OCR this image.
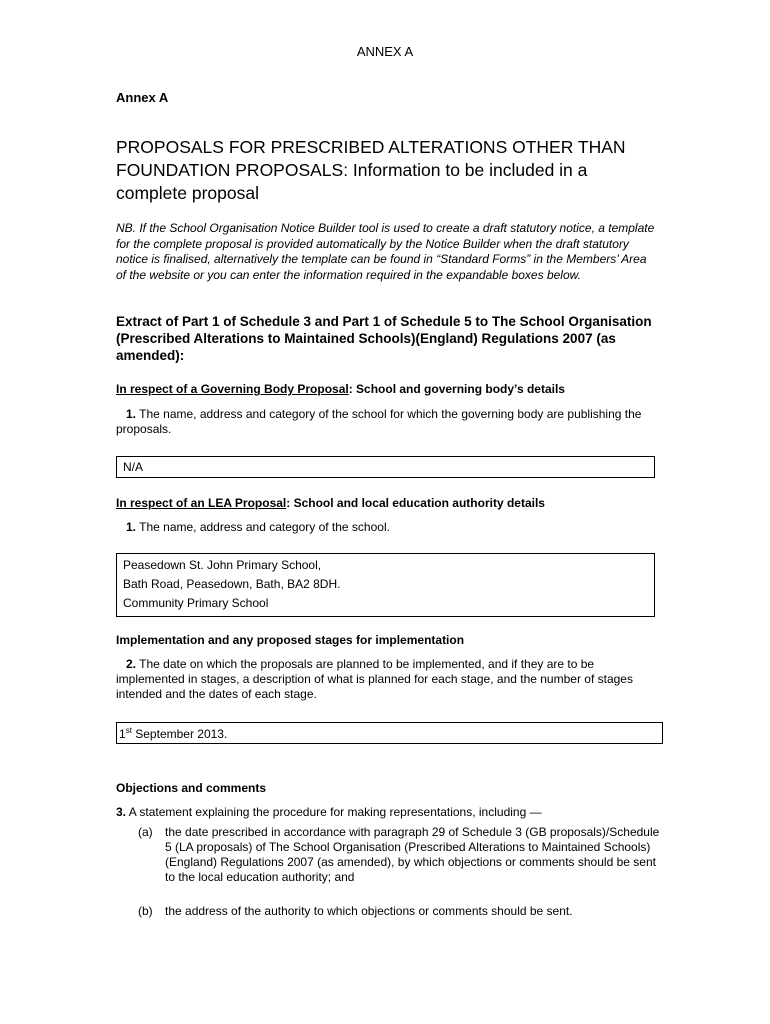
ANNEX A
Annex A
PROPOSALS FOR PRESCRIBED ALTERATIONS OTHER THAN FOUNDATION PROPOSALS: Information to be included in a complete proposal

NB. If the School Organisation Notice Builder tool is used to create a draft statutory notice, a template for the complete proposal is provided automatically by the Notice Builder when the draft statutory notice is finalised, alternatively the template can be found in “Standard Forms” in the Members’ Area of the website or you can enter the information required in the expandable boxes below.

Extract of Part 1 of Schedule 3 and Part 1 of Schedule 5 to The School Organisation (Prescribed Alterations to Maintained Schools)(England) Regulations 2007 (as amended):

In respect of a Governing Body Proposal: School and governing body’s details

1. The name, address and category of the school for which the governing body are publishing the proposals.

N/A

In respect of an LEA Proposal: School and local education authority details

1. The name, address and category of the school.

Peasedown St. John Primary School,
Bath Road, Peasedown, Bath, BA2 8DH.
Community Primary School

Implementation and any proposed stages for implementation

2. The date on which the proposals are planned to be implemented, and if they are to be implemented in stages, a description of what is planned for each stage, and the number of stages intended and the dates of each stage.

1st September 2013.

Objections and comments

3. A statement explaining the procedure for making representations, including —

(a) the date prescribed in accordance with paragraph 29 of Schedule 3 (GB proposals)/Schedule 5 (LA proposals) of The School Organisation (Prescribed Alterations to Maintained Schools) (England) Regulations 2007 (as amended), by which objections or comments should be sent to the local education authority; and
(b) the address of the authority to which objections or comments should be sent.
